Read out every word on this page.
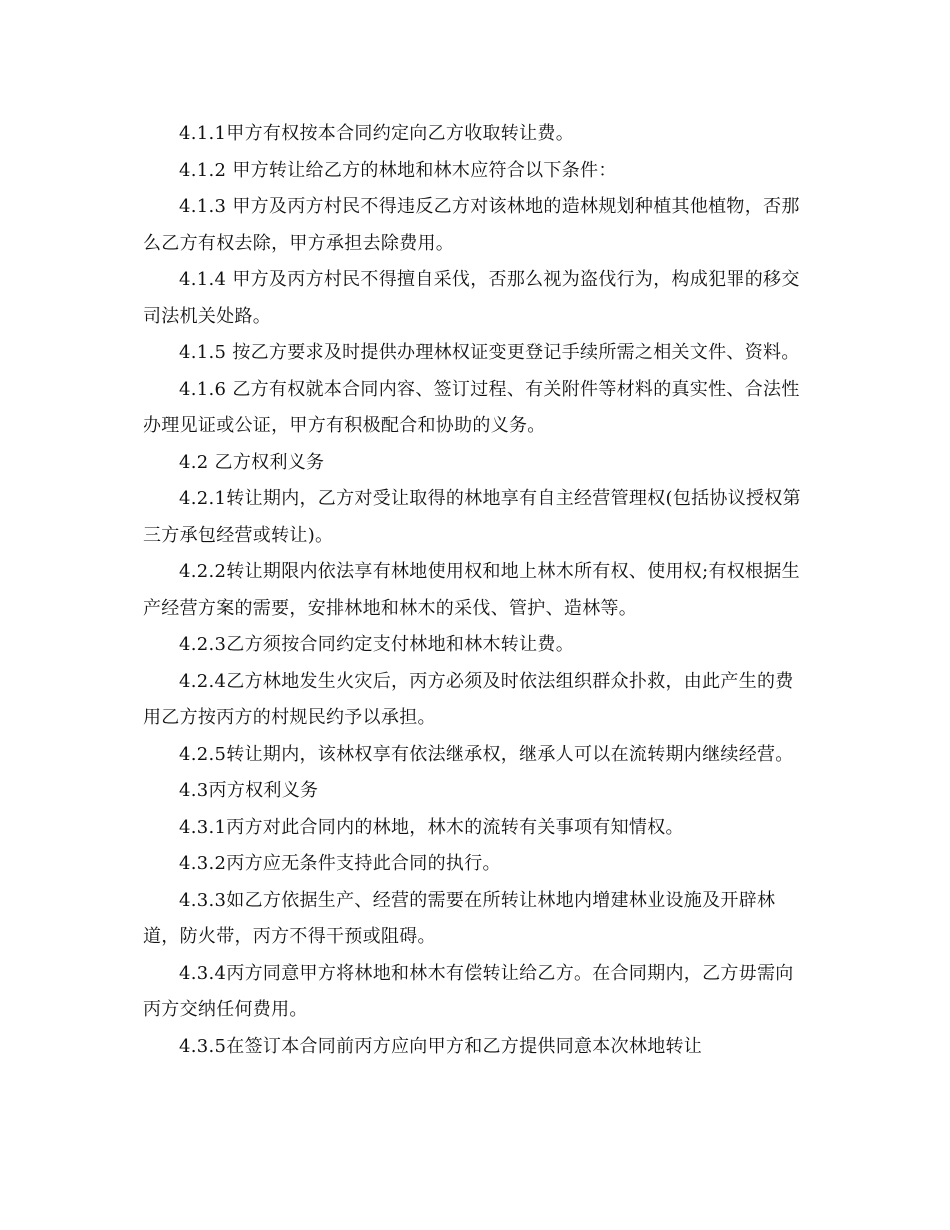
4.1.1甲方有权按本合同约定向乙方收取转让费。

4.1.2 甲方转让给乙方的林地和林木应符合以下条件：

4.1.3 甲方及丙方村民不得违反乙方对该林地的造林规划种植其他植物，否那么乙方有权去除，甲方承担去除费用。

4.1.4 甲方及丙方村民不得擅自采伐，否那么视为盗伐行为，构成犯罪的移交司法机关处路。

4.1.5 按乙方要求及时提供办理林权证变更登记手续所需之相关文件、资料。

4.1.6 乙方有权就本合同内容、签订过程、有关附件等材料的真实性、合法性办理见证或公证，甲方有积极配合和协助的义务。

4.2 乙方权利义务

4.2.1转让期内，乙方对受让取得的林地享有自主经营管理权(包括协议授权第三方承包经营或转让)。

4.2.2转让期限内依法享有林地使用权和地上林木所有权、使用权;有权根据生产经营方案的需要，安排林地和林木的采伐、管护、造林等。

4.2.3乙方须按合同约定支付林地和林木转让费。

4.2.4乙方林地发生火灾后，丙方必须及时依法组织群众扑救，由此产生的费用乙方按丙方的村规民约予以承担。

4.2.5转让期内，该林权享有依法继承权，继承人可以在流转期内继续经营。

4.3丙方权利义务

4.3.1丙方对此合同内的林地，林木的流转有关事项有知情权。

4.3.2丙方应无条件支持此合同的执行。

4.3.3如乙方依据生产、经营的需要在所转让林地内增建林业设施及开辟林道，防火带，丙方不得干预或阻碍。

4.3.4丙方同意甲方将林地和林木有偿转让给乙方。在合同期内，乙方毋需向丙方交纳任何费用。

4.3.5在签订本合同前丙方应向甲方和乙方提供同意本次林地转让
